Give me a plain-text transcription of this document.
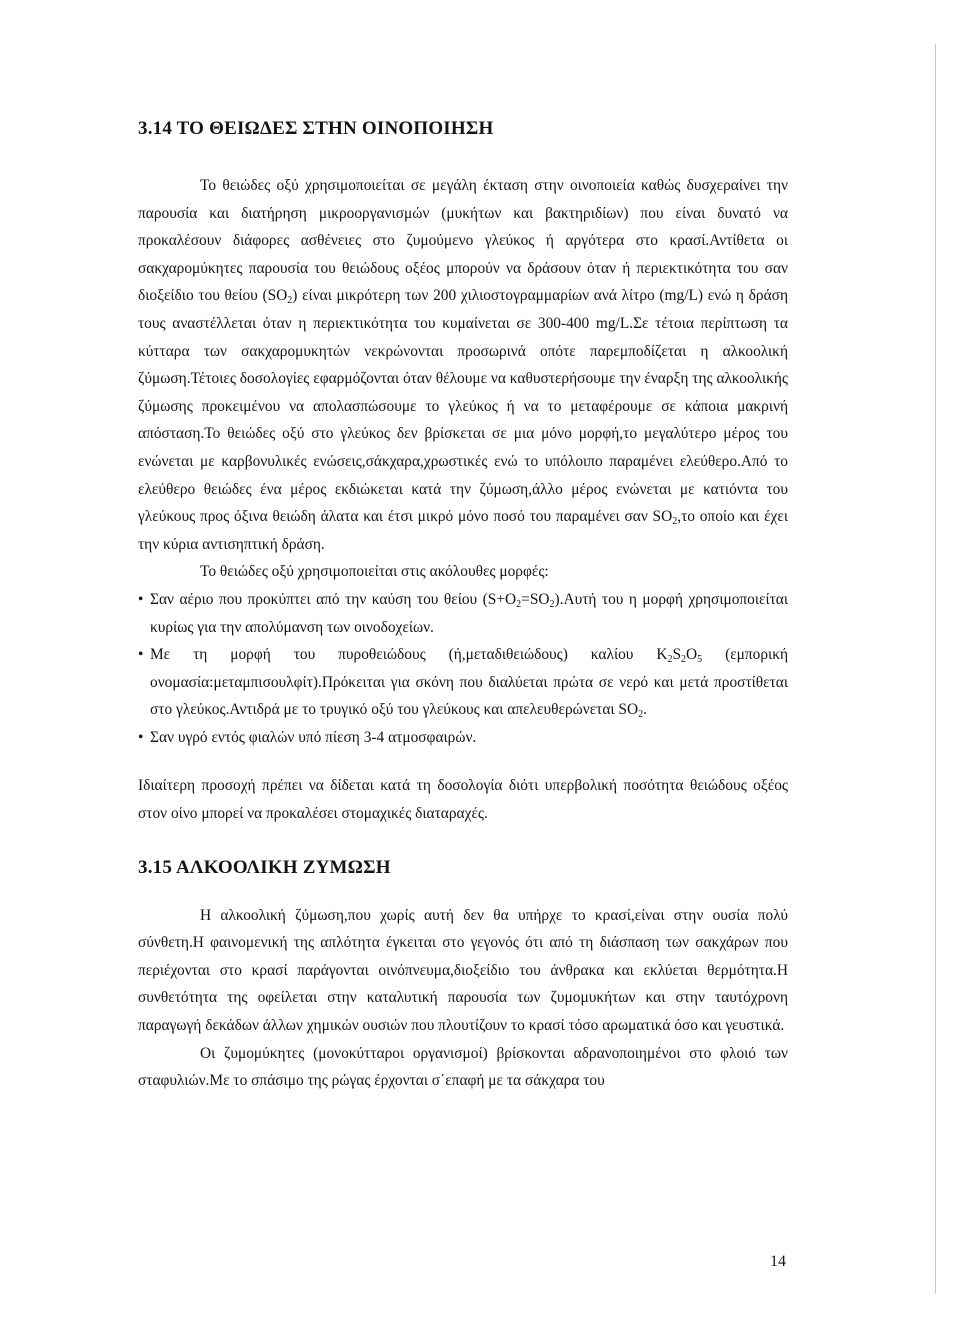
3.14 ΤΟ ΘΕΙΩΔΕΣ ΣΤΗΝ ΟΙΝΟΠΟΙΗΣΗ

Το θειώδες οξύ χρησιμοποιείται σε μεγάλη έκταση στην οινοποιεία καθώς δυσχεραίνει την παρουσία και διατήρηση μικροοργανισμών (μυκήτων και βακτηριδίων) που είναι δυνατό να προκαλέσουν διάφορες ασθένειες στο ζυμούμενο γλεύκος ή αργότερα στο κρασί.Αντίθετα οι σακχαρομύκητες παρουσία του θειώδους οξέος μπορούν να δράσουν όταν ή περιεκτικότητα του σαν διοξείδιο του θείου $(SO_2)$ είναι μικρότερη των 200 χιλιοστογραμμαρίων ανά λίτρο (mg/L) ενώ η δράση τους αναστέλλεται όταν η περιεκτικότητα του κυμαίνεται σε 300-400 mg/L.Σε τέτοια περίπτωση τα κύτταρα των σακχαρομυκητών νεκρώνονται προσωρινά οπότε παρεμποδίζεται η αλκοολική ζύμωση.Τέτοιες δοσολογίες εφαρμόζονται όταν θέλουμε να καθυστερήσουμε την έναρξη της αλκοολικής ζύμωσης προκειμένου να απολασπώσουμε το γλεύκος ή να το μεταφέρουμε σε κάποια μακρινή απόσταση.Το θειώδες οξύ στο γλεύκος δεν βρίσκεται σε μια μόνο μορφή,το μεγαλύτερο μέρος του ενώνεται με καρβονυλικές ενώσεις,σάκχαρα,χρωστικές ενώ το υπόλοιπο παραμένει ελεύθερο.Από το ελεύθερο θειώδες ένα μέρος εκδιώκεται κατά την ζύμωση,άλλο μέρος ενώνεται με κατιόντα του γλεύκους προς όξινα θειώδη άλατα και έτσι μικρό μόνο ποσό του παραμένει σαν $SO_2,\tau o$ οποίο και έχει την κύρια αντισηπτική δράση.

Το θειώδες οξύ χρησιμοποιείται στις ακόλουθες μορφές:

• Σαν αέριο που προκύπτει από την καύση του θείου $(S+O_2=SO_2).A\upsilon\tau ή$ του η μορφή χρησιμοποιείται κυρίως για την απολύμανση των οινοδοχείων.

• Με τη μορφή του πυροθειώδους (ή,μεταδιθειώδους) καλίου $K_2S_2O_5$ (εμπορική ονομασία:μεταμπισουλφίτ).Πρόκειται για σκόνη που διαλύεται πρώτα σε νερό και μετά προστίθεται στο γλεύκος.Αντιδρά με το τρυγικό οξύ του γλεύκους και απελευθερώνεται $SO_2$.

• Σαν υγρό εντός φιαλών υπό πίεση 3-4 ατμοσφαιρών.

Ιδιαίτερη προσοχή πρέπει να δίδεται κατά τη δοσολογία διότι υπερβολική ποσότητα θειώδους οξέος στον οίνο μπορεί να προκαλέσει στομαχικές διαταραχές.

3.15 ΑΛΚΟΟΛΙΚΗ ΖΥΜΩΣΗ

Η αλκοολική ζύμωση,που χωρίς αυτή δεν θα υπήρχε το κρασί,είναι στην ουσία πολύ σύνθετη.Η φαινομενική της απλότητα έγκειται στο γεγονός ότι από τη διάσπαση των σακχάρων που περιέχονται στο κρασί παράγονται οινόπνευμα,διοξείδιο του άνθρακα και εκλύεται θερμότητα.Η συνθετότητα της οφείλεται στην καταλυτική παρουσία των ζυμομυκήτων και στην ταυτόχρονη παραγωγή δεκάδων άλλων χημικών ουσιών που πλουτίζουν το κρασί τόσο αρωματικά όσο και γευστικά.

Οι ζυμομύκητες (μονοκύτταροι οργανισμοί) βρίσκονται αδρανοποιημένοι στο φλοιό των σταφυλιών.Με το σπάσιμο της ρώγας έρχονται σ΄επαφή με τα σάκχαρα του

14
